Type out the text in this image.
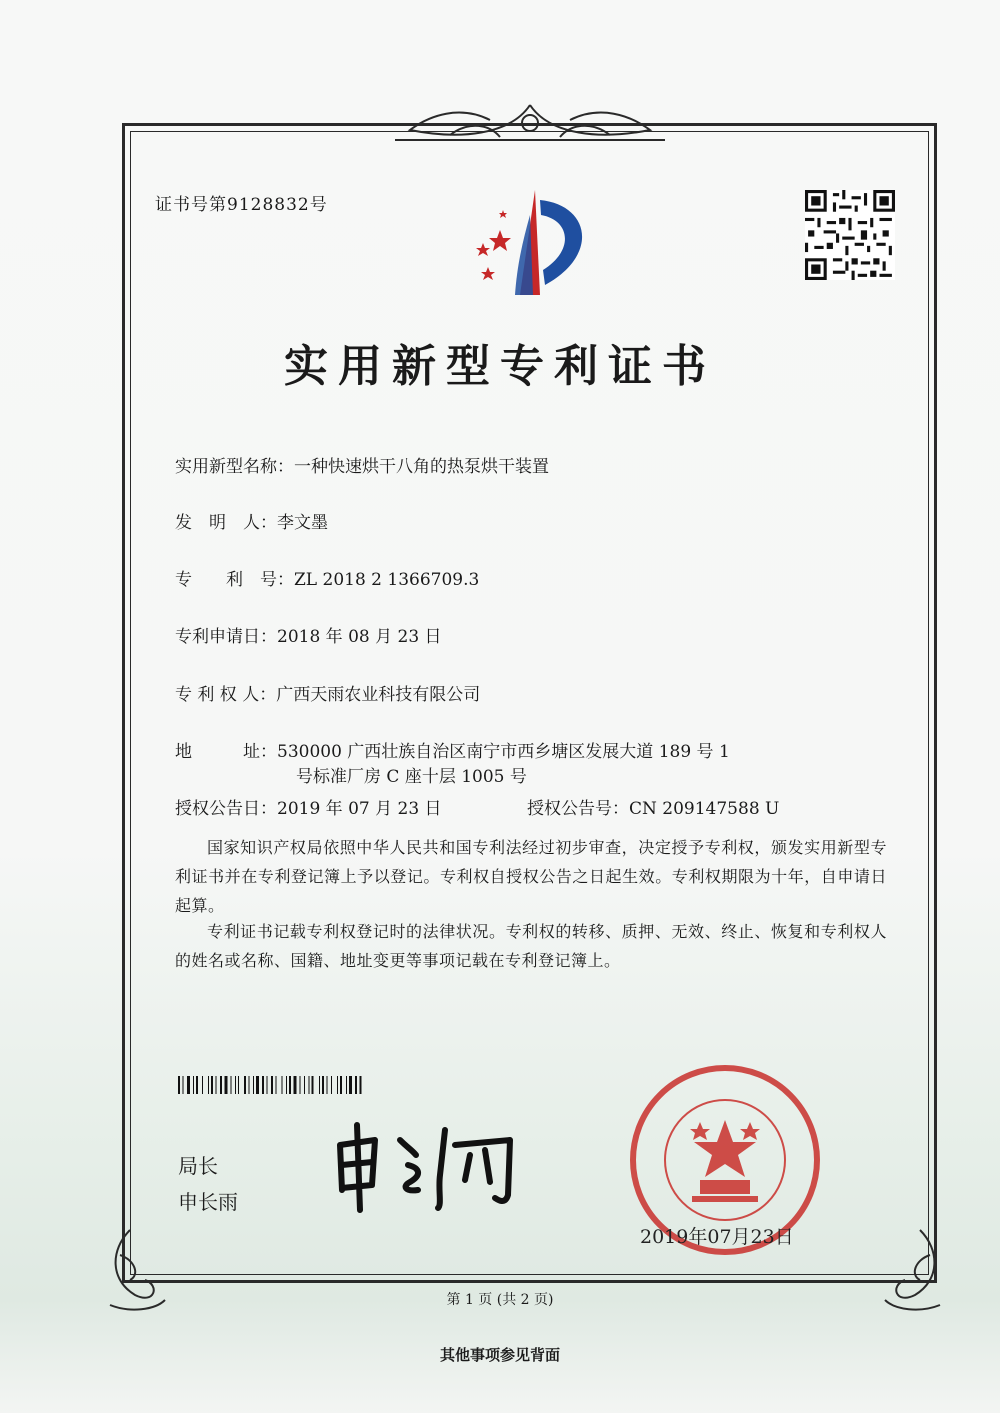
证书号第9128832号
实用新型专利证书
实用新型名称：一种快速烘干八角的热泵烘干装置
发　明　人：李文墨
专　　利　号：ZL 2018 2 1366709.3
专利申请日：2018 年 08 月 23 日
专 利 权 人：广西天雨农业科技有限公司
地　　　址：530000 广西壮族自治区南宁市西乡塘区发展大道 189 号 1
号标准厂房 C 座十层 1005 号
授权公告日：2019 年 07 月 23 日	授权公告号：CN 209147588 U
国家知识产权局依照中华人民共和国专利法经过初步审查，决定授予专利权，颁发实用新型专利证书并在专利登记簿上予以登记。专利权自授权公告之日起生效。专利权期限为十年，自申请日起算。
专利证书记载专利权登记时的法律状况。专利权的转移、质押、无效、终止、恢复和专利权人的姓名或名称、国籍、地址变更等事项记载在专利登记簿上。
局长
申长雨
2019年07月23日
第 1 页 (共 2 页)
其他事项参见背面
